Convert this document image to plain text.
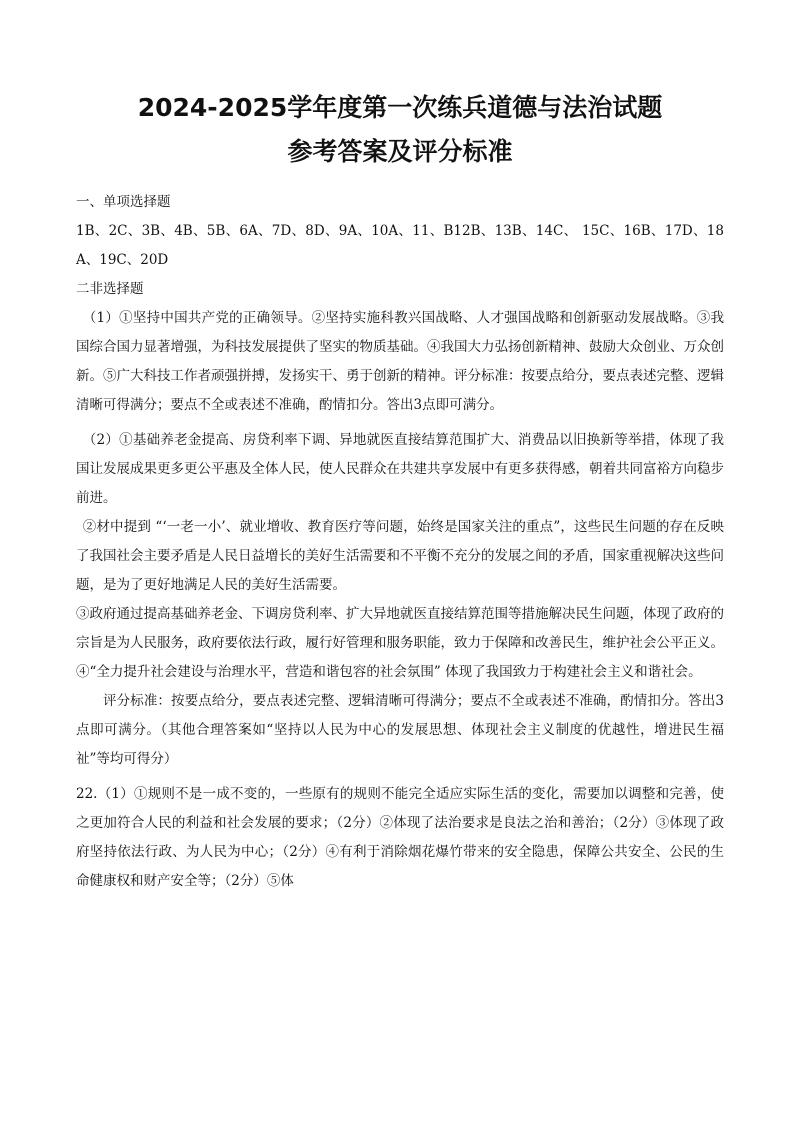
2024-2025学年度第一次练兵道德与法治试题
参考答案及评分标准

一、单项选择题

1B、2C、3B、4B、5B、6A、7D、8D、9A、10A、11、B12B、13B、14C、 15C、16B、17D、18A、19C、20D

二非选择题

（1）①坚持中国共产党的正确领导。②坚持实施科教兴国战略、人才强国战略和创新驱动发展战略。③我国综合国力显著增强，为科技发展提供了坚实的物质基础。④我国大力弘扬创新精神、鼓励大众创业、万众创新。⑤广大科技工作者顽强拼搏，发扬实干、勇于创新的精神。评分标准：按要点给分，要点表述完整、逻辑清晰可得满分；要点不全或表述不准确，酌情扣分。答出3点即可满分。

（2）①基础养老金提高、房贷利率下调、异地就医直接结算范围扩大、消费品以旧换新等举措，体现了我国让发展成果更多更公平惠及全体人民，使人民群众在共建共享发展中有更多获得感，朝着共同富裕方向稳步前进。

②材中提到 “‘一老一小’、就业增收、教育医疗等问题，始终是国家关注的重点”，这些民生问题的存在反映了我国社会主要矛盾是人民日益增长的美好生活需要和不平衡不充分的发展之间的矛盾，国家重视解决这些问题，是为了更好地满足人民的美好生活需要。

③政府通过提高基础养老金、下调房贷利率、扩大异地就医直接结算范围等措施解决民生问题，体现了政府的宗旨是为人民服务，政府要依法行政，履行好管理和服务职能，致力于保障和改善民生，维护社会公平正义。

④“全力提升社会建设与治理水平，营造和谐包容的社会氛围” 体现了我国致力于构建社会主义和谐社会。

评分标准：按要点给分，要点表述完整、逻辑清晰可得满分；要点不全或表述不准确，酌情扣分。答出3点即可满分。（其他合理答案如“坚持以人民为中心的发展思想、体现社会主义制度的优越性，增进民生福祉”等均可得分）

22.（1）①规则不是一成不变的，一些原有的规则不能完全适应实际生活的变化，需要加以调整和完善，使之更加符合人民的利益和社会发展的要求；（2分）②体现了法治要求是良法之治和善治；（2分）③体现了政府坚持依法行政、为人民为中心；（2分）④有利于消除烟花爆竹带来的安全隐患，保障公共安全、公民的生命健康权和财产安全等；（2分）⑤体
